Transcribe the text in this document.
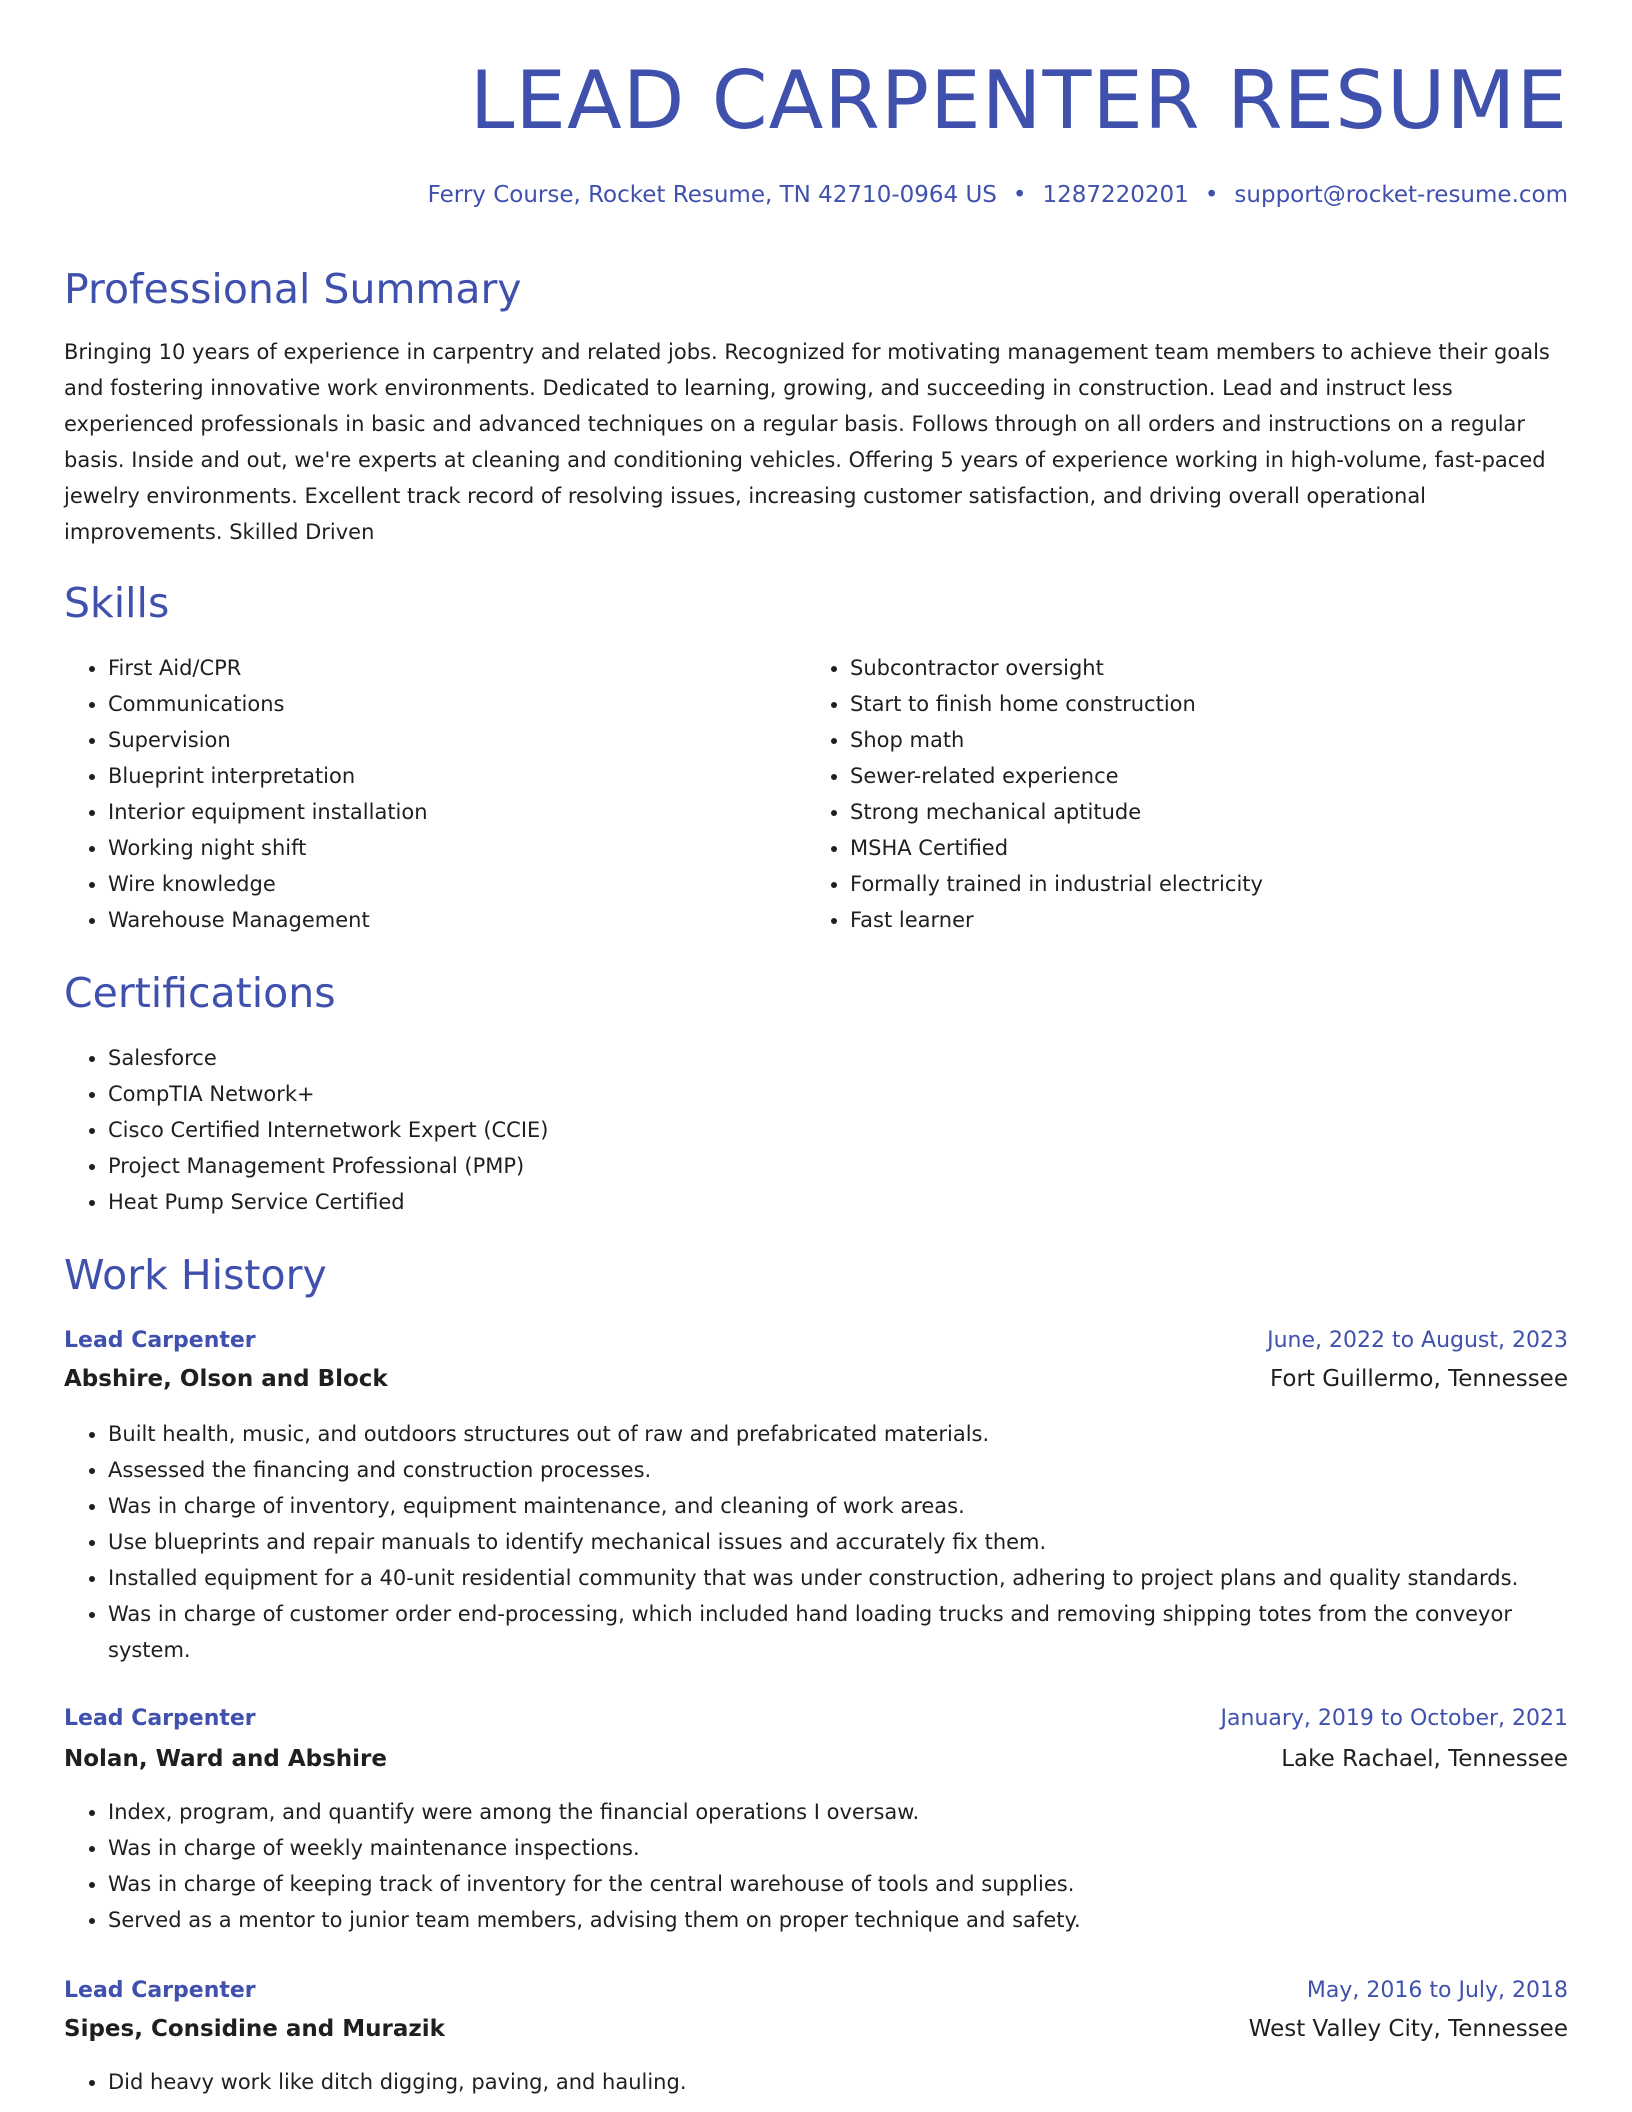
LEAD CARPENTER RESUME
Ferry Course, Rocket Resume, TN 42710-0964 US • 1287220201 • support@rocket-resume.com
Professional Summary

Bringing 10 years of experience in carpentry and related jobs. Recognized for motivating management team members to achieve their goals and fostering innovative work environments. Dedicated to learning, growing, and succeeding in construction. Lead and instruct less experienced professionals in basic and advanced techniques on a regular basis. Follows through on all orders and instructions on a regular basis. Inside and out, we're experts at cleaning and conditioning vehicles. Offering 5 years of experience working in high-volume, fast-paced jewelry environments. Excellent track record of resolving issues, increasing customer satisfaction, and driving overall operational improvements. Skilled Driven

Skills
• First Aid/CPR
• Communications
• Supervision
• Blueprint interpretation
• Interior equipment installation
• Working night shift
• Wire knowledge
• Warehouse Management
• Subcontractor oversight
• Start to finish home construction
• Shop math
• Sewer-related experience
• Strong mechanical aptitude
• MSHA Certified
• Formally trained in industrial electricity
• Fast learner
Certifications
• Salesforce
• CompTIA Network+
• Cisco Certified Internetwork Expert (CCIE)
• Project Management Professional (PMP)
• Heat Pump Service Certified
Work History
Lead Carpenter	June, 2022 to August, 2023
Abshire, Olson and Block	Fort Guillermo, Tennessee
• Built health, music, and outdoors structures out of raw and prefabricated materials.
• Assessed the financing and construction processes.
• Was in charge of inventory, equipment maintenance, and cleaning of work areas.
• Use blueprints and repair manuals to identify mechanical issues and accurately fix them.
• Installed equipment for a 40-unit residential community that was under construction, adhering to project plans and quality standards.
• Was in charge of customer order end-processing, which included hand loading trucks and removing shipping totes from the conveyor system.
Lead Carpenter	January, 2019 to October, 2021
Nolan, Ward and Abshire	Lake Rachael, Tennessee
• Index, program, and quantify were among the financial operations I oversaw.
• Was in charge of weekly maintenance inspections.
• Was in charge of keeping track of inventory for the central warehouse of tools and supplies.
• Served as a mentor to junior team members, advising them on proper technique and safety.
Lead Carpenter	May, 2016 to July, 2018
Sipes, Considine and Murazik	West Valley City, Tennessee
• Did heavy work like ditch digging, paving, and hauling.
